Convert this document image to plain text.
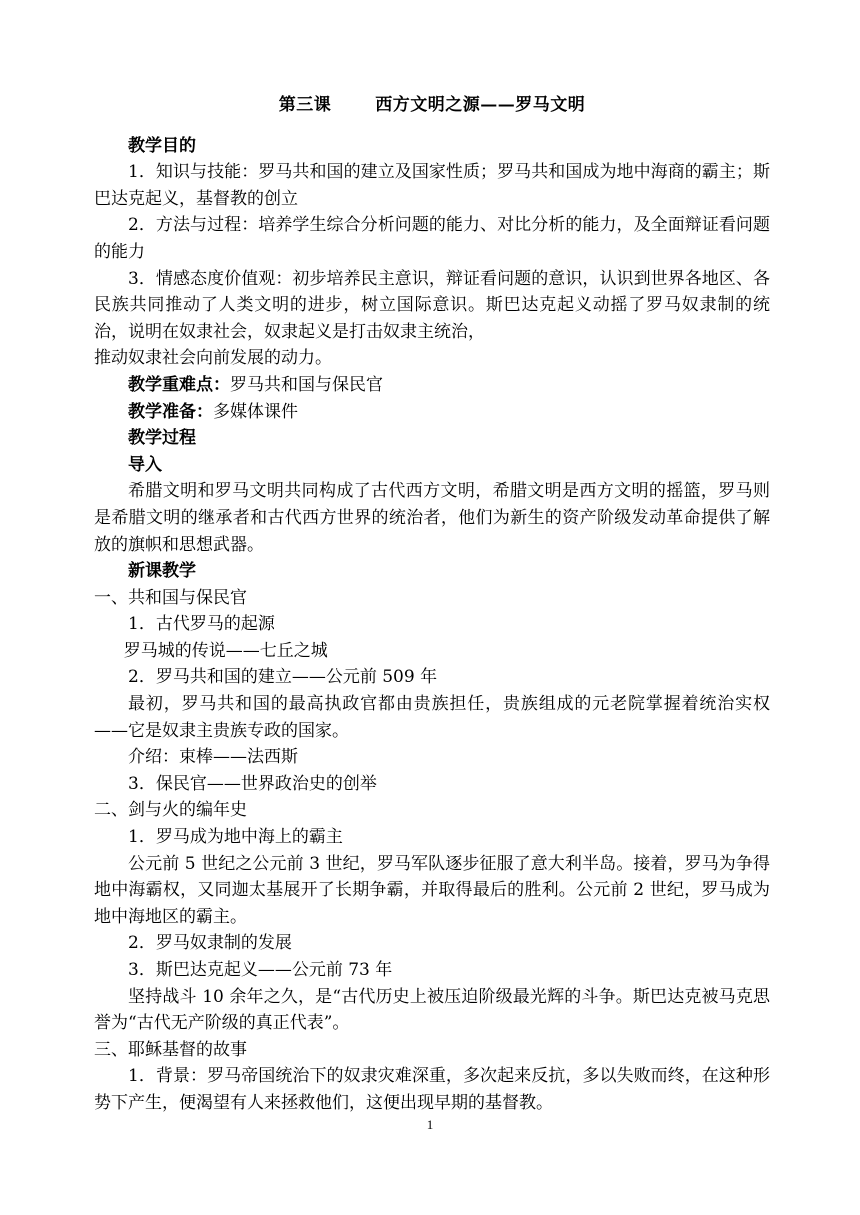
第三课	西方文明之源——罗马文明

教学目的

1．知识与技能：罗马共和国的建立及国家性质；罗马共和国成为地中海商的霸主；斯巴达克起义，基督教的创立

2．方法与过程：培养学生综合分析问题的能力、对比分析的能力，及全面辩证看问题的能力

3．情感态度价值观：初步培养民主意识，辩证看问题的意识，认识到世界各地区、各民族共同推动了人类文明的进步，树立国际意识。斯巴达克起义动摇了罗马奴隶制的统治，说明在奴隶社会，奴隶起义是打击奴隶主统治，

推动奴隶社会向前发展的动力。

教学重难点：罗马共和国与保民官

教学准备：多媒体课件

教学过程

导入

希腊文明和罗马文明共同构成了古代西方文明，希腊文明是西方文明的摇篮，罗马则是希腊文明的继承者和古代西方世界的统治者，他们为新生的资产阶级发动革命提供了解放的旗帜和思想武器。

新课教学

一、共和国与保民官

1．古代罗马的起源

罗马城的传说——七丘之城

2．罗马共和国的建立——公元前 509 年

最初，罗马共和国的最高执政官都由贵族担任，贵族组成的元老院掌握着统治实权——它是奴隶主贵族专政的国家。

介绍：束棒——法西斯

3．保民官——世界政治史的创举

二、剑与火的编年史

1．罗马成为地中海上的霸主

公元前 5 世纪之公元前 3 世纪，罗马军队逐步征服了意大利半岛。接着，罗马为争得地中海霸权，又同迦太基展开了长期争霸，并取得最后的胜利。公元前 2 世纪，罗马成为地中海地区的霸主。

2．罗马奴隶制的发展

3．斯巴达克起义——公元前 73 年

坚持战斗 10 余年之久，是“古代历史上被压迫阶级最光辉的斗争。斯巴达克被马克思誉为“古代无产阶级的真正代表”。

三、耶稣基督的故事

1．背景：罗马帝国统治下的奴隶灾难深重，多次起来反抗，多以失败而终，在这种形势下产生，便渴望有人来拯救他们，这便出现早期的基督教。

1
